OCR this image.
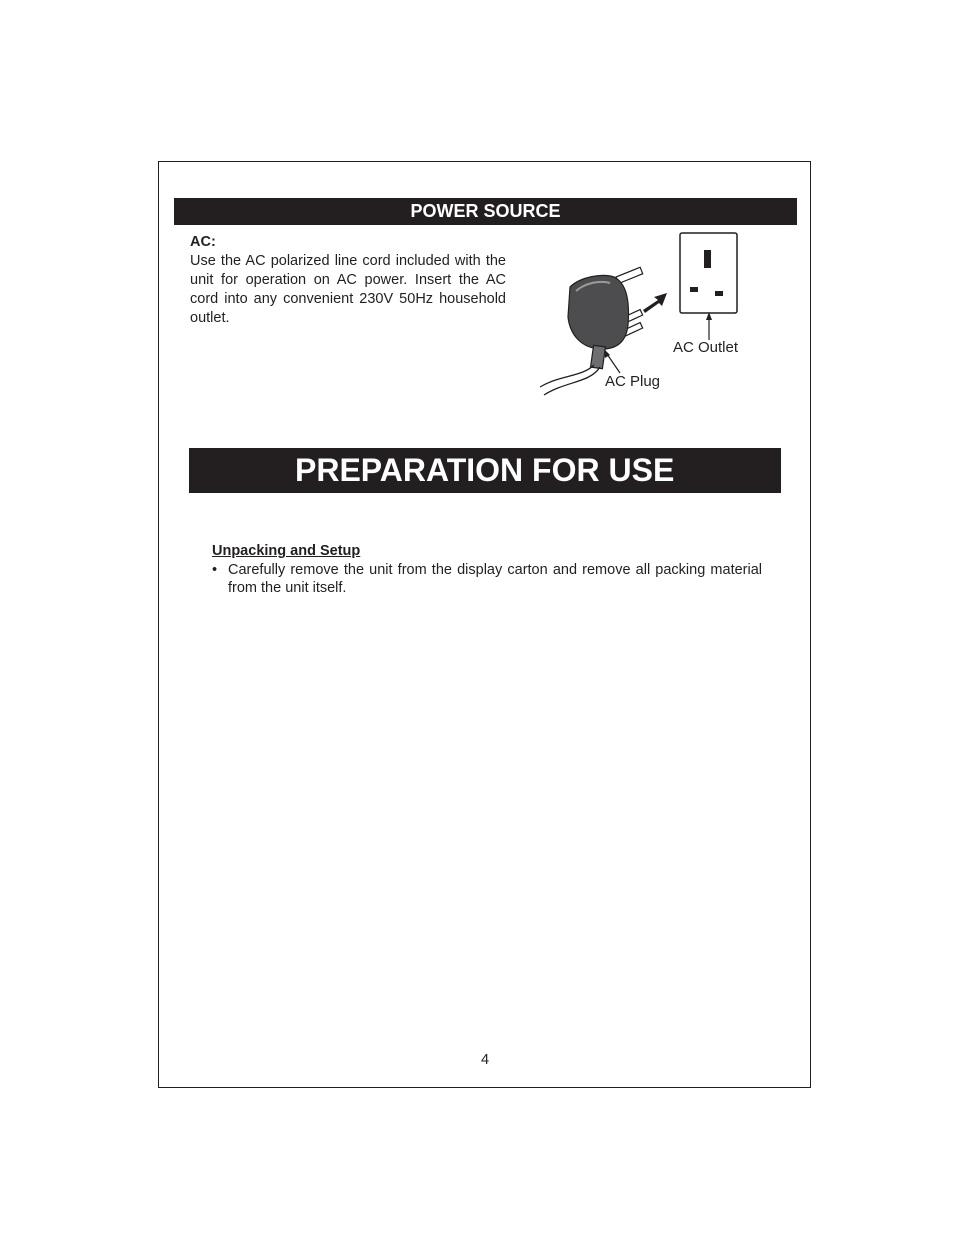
POWER SOURCE

AC:

Use the AC polarized line cord included with the unit for operation on AC power. Insert the AC cord into any convenient 230V 50Hz household outlet.

AC Outlet
AC Plug
PREPARATION FOR USE

Unpacking and Setup

• Carefully remove the unit from the display carton and remove all packing material from the unit itself.
4
